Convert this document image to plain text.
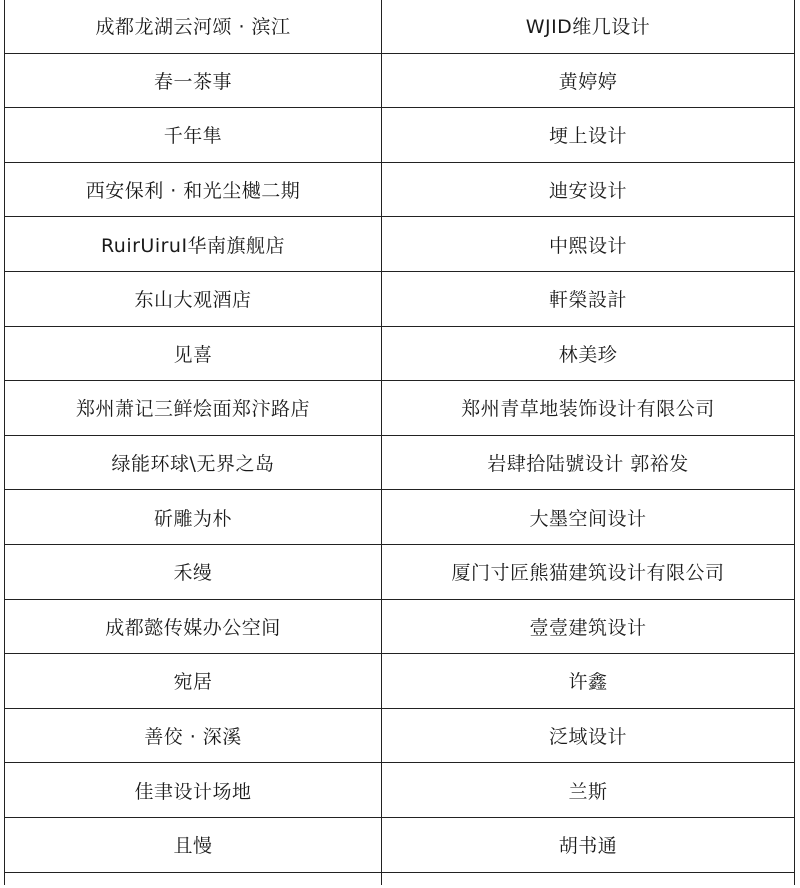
成都龙湖云河颂 · 滨江	WJID维几设计
春一茶事	黄婷婷
千年隼	埂上设计
西安保利 · 和光尘樾二期	迪安设计
RuirUiruI华南旗舰店	中熙设计
东山大观酒店	軒榮設計
见喜	林美珍
郑州萧记三鲜烩面郑汴路店	郑州青草地装饰设计有限公司
绿能环球\无界之岛	岩肆拾陆號设计 郭裕发
斫雕为朴	大墨空间设计
禾缦	厦门寸匠熊猫建筑设计有限公司
成都懿传媒办公空间	壹壹建筑设计
宛居	许鑫
善佼 · 深溪	泛域设计
佳聿设计场地	兰斯
且慢	胡书通
